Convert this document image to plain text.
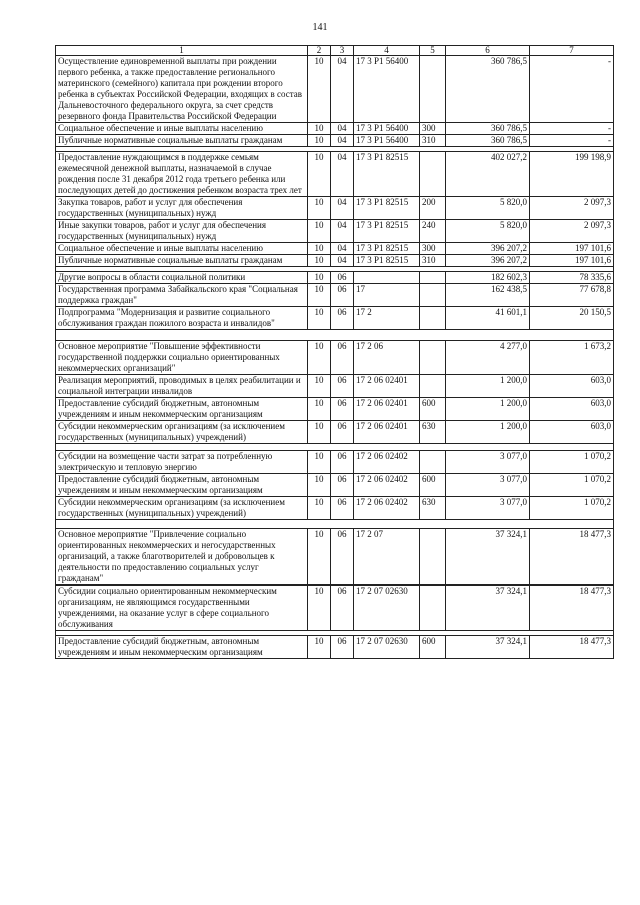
141
1	2	3	4	5	6	7
Осуществление единовременной выплаты при рождении первого ребенка, а также предоставление регионального материнского (семейного) капитала при рождении второго ребенка в субъектах Российской Федерации, входящих в состав Дальневосточного федерального округа, за счет средств резервного фонда Правительства Российской Федерации	10	04	17 3 P1 56400		360 786,5	-
Социальное обеспечение и иные выплаты населению	10	04	17 3 P1 56400	300	360 786,5	-
Публичные нормативные социальные выплаты гражданам	10	04	17 3 P1 56400	310	360 786,5	-

Предоставление нуждающимся в поддержке семьям ежемесячной денежной выплаты, назначаемой в случае рождения после 31 декабря 2012 года третьего ребенка или последующих детей до достижения ребенком возраста трех лет	10	04	17 3 P1 82515		402 027,2	199 198,9
Закупка товаров, работ и услуг для обеспечения государственных (муниципальных) нужд	10	04	17 3 P1 82515	200	5 820,0	2 097,3
Иные закупки товаров, работ и услуг для обеспечения государственных (муниципальных) нужд	10	04	17 3 P1 82515	240	5 820,0	2 097,3
Социальное обеспечение и иные выплаты населению	10	04	17 3 P1 82515	300	396 207,2	197 101,6
Публичные нормативные социальные выплаты гражданам	10	04	17 3 P1 82515	310	396 207,2	197 101,6

Другие вопросы в области социальной политики	10	06			182 602,3	78 335,6
Государственная программа Забайкальского края "Социальная поддержка граждан"	10	06	17		162 438,5	77 678,8
Подпрограмма "Модернизация и развитие социального обслуживания граждан пожилого возраста и инвалидов"	10	06	17 2		41 601,1	20 150,5

Основное мероприятие "Повышение эффективности государственной поддержки социально ориентированных некоммерческих организаций"	10	06	17 2 06		4 277,0	1 673,2
Реализация мероприятий, проводимых в целях реабилитации и социальной интеграции инвалидов	10	06	17 2 06 02401		1 200,0	603,0
Предоставление субсидий бюджетным, автономным учреждениям и иным некоммерческим организациям	10	06	17 2 06 02401	600	1 200,0	603,0
Субсидии некоммерческим организациям (за исключением государственных (муниципальных) учреждений)	10	06	17 2 06 02401	630	1 200,0	603,0

Субсидии на возмещение части затрат за потребленную электрическую и тепловую энергию	10	06	17 2 06 02402		3 077,0	1 070,2
Предоставление субсидий бюджетным, автономным учреждениям и иным некоммерческим организациям	10	06	17 2 06 02402	600	3 077,0	1 070,2
Субсидии некоммерческим организациям (за исключением государственных (муниципальных) учреждений)	10	06	17 2 06 02402	630	3 077,0	1 070,2

Основное мероприятие "Привлечение социально ориентированных некоммерческих и негосударственных организаций, а также благотворителей и добровольцев к деятельности по предоставлению социальных услуг гражданам"	10	06	17 2 07		37 324,1	18 477,3

Субсидии социально ориентированным некоммерческим организациям, не являющимся государственными учреждениями, на оказание услуг в сфере социального обслуживания	10	06	17 2 07 02630		37 324,1	18 477,3

Предоставление субсидий бюджетным, автономным учреждениям и иным некоммерческим организациям	10	06	17 2 07 02630	600	37 324,1	18 477,3
